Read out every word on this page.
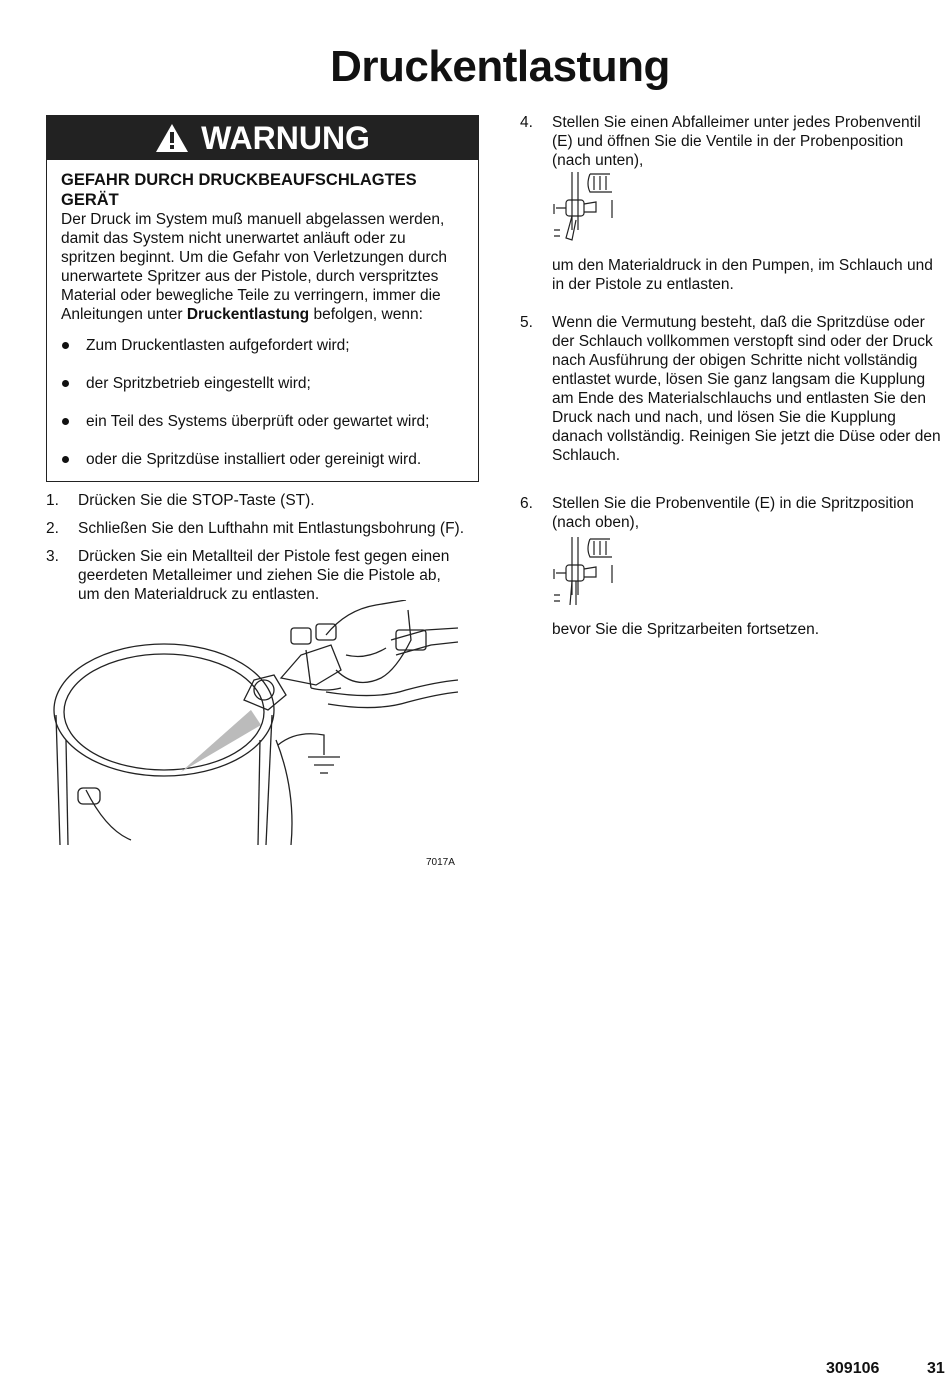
Druckentlastung
WARNUNG

GEFAHR DURCH DRUCKBEAUFSCHLAGTES GERÄT

Der Druck im System muß manuell abgelassen werden, damit das System nicht unerwartet anläuft oder zu spritzen beginnt. Um die Gefahr von Verletzungen durch unerwartete Spritzer aus der Pistole, durch verspritztes Material oder bewegliche Teile zu verringern, immer die Anleitungen unter Druckentlastung befolgen, wenn:

Zum Druckentlasten aufgefordert wird;
der Spritzbetrieb eingestellt wird;
ein Teil des Systems überprüft oder gewartet wird;
oder die Spritzdüse installiert oder gereinigt wird.
1. Drücken Sie die STOP-Taste (ST).
2. Schließen Sie den Lufthahn mit Entlastungsbohrung (F).
3. Drücken Sie ein Metallteil der Pistole fest gegen einen geerdeten Metalleimer und ziehen Sie die Pistole ab, um den Materialdruck zu entlasten.
7017A
4. Stellen Sie einen Abfalleimer unter jedes Probenventil (E) und öffnen Sie die Ventile in der Probenposition (nach unten),
um den Materialdruck in den Pumpen, im Schlauch und in der Pistole zu entlasten.
5. Wenn die Vermutung besteht, daß die Spritzdüse oder der Schlauch vollkommen verstopft sind oder der Druck nach Ausführung der obigen Schritte nicht vollständig entlastet wurde, lösen Sie ganz langsam die Kupplung am Ende des Materialschlauchs und entlasten Sie den Druck nach und nach, und lösen Sie die Kupplung danach vollständig. Reinigen Sie jetzt die Düse oder den Schlauch.
6. Stellen Sie die Probenventile (E) in die Spritzposition (nach oben),
bevor Sie die Spritzarbeiten fortsetzen.
309106	31
